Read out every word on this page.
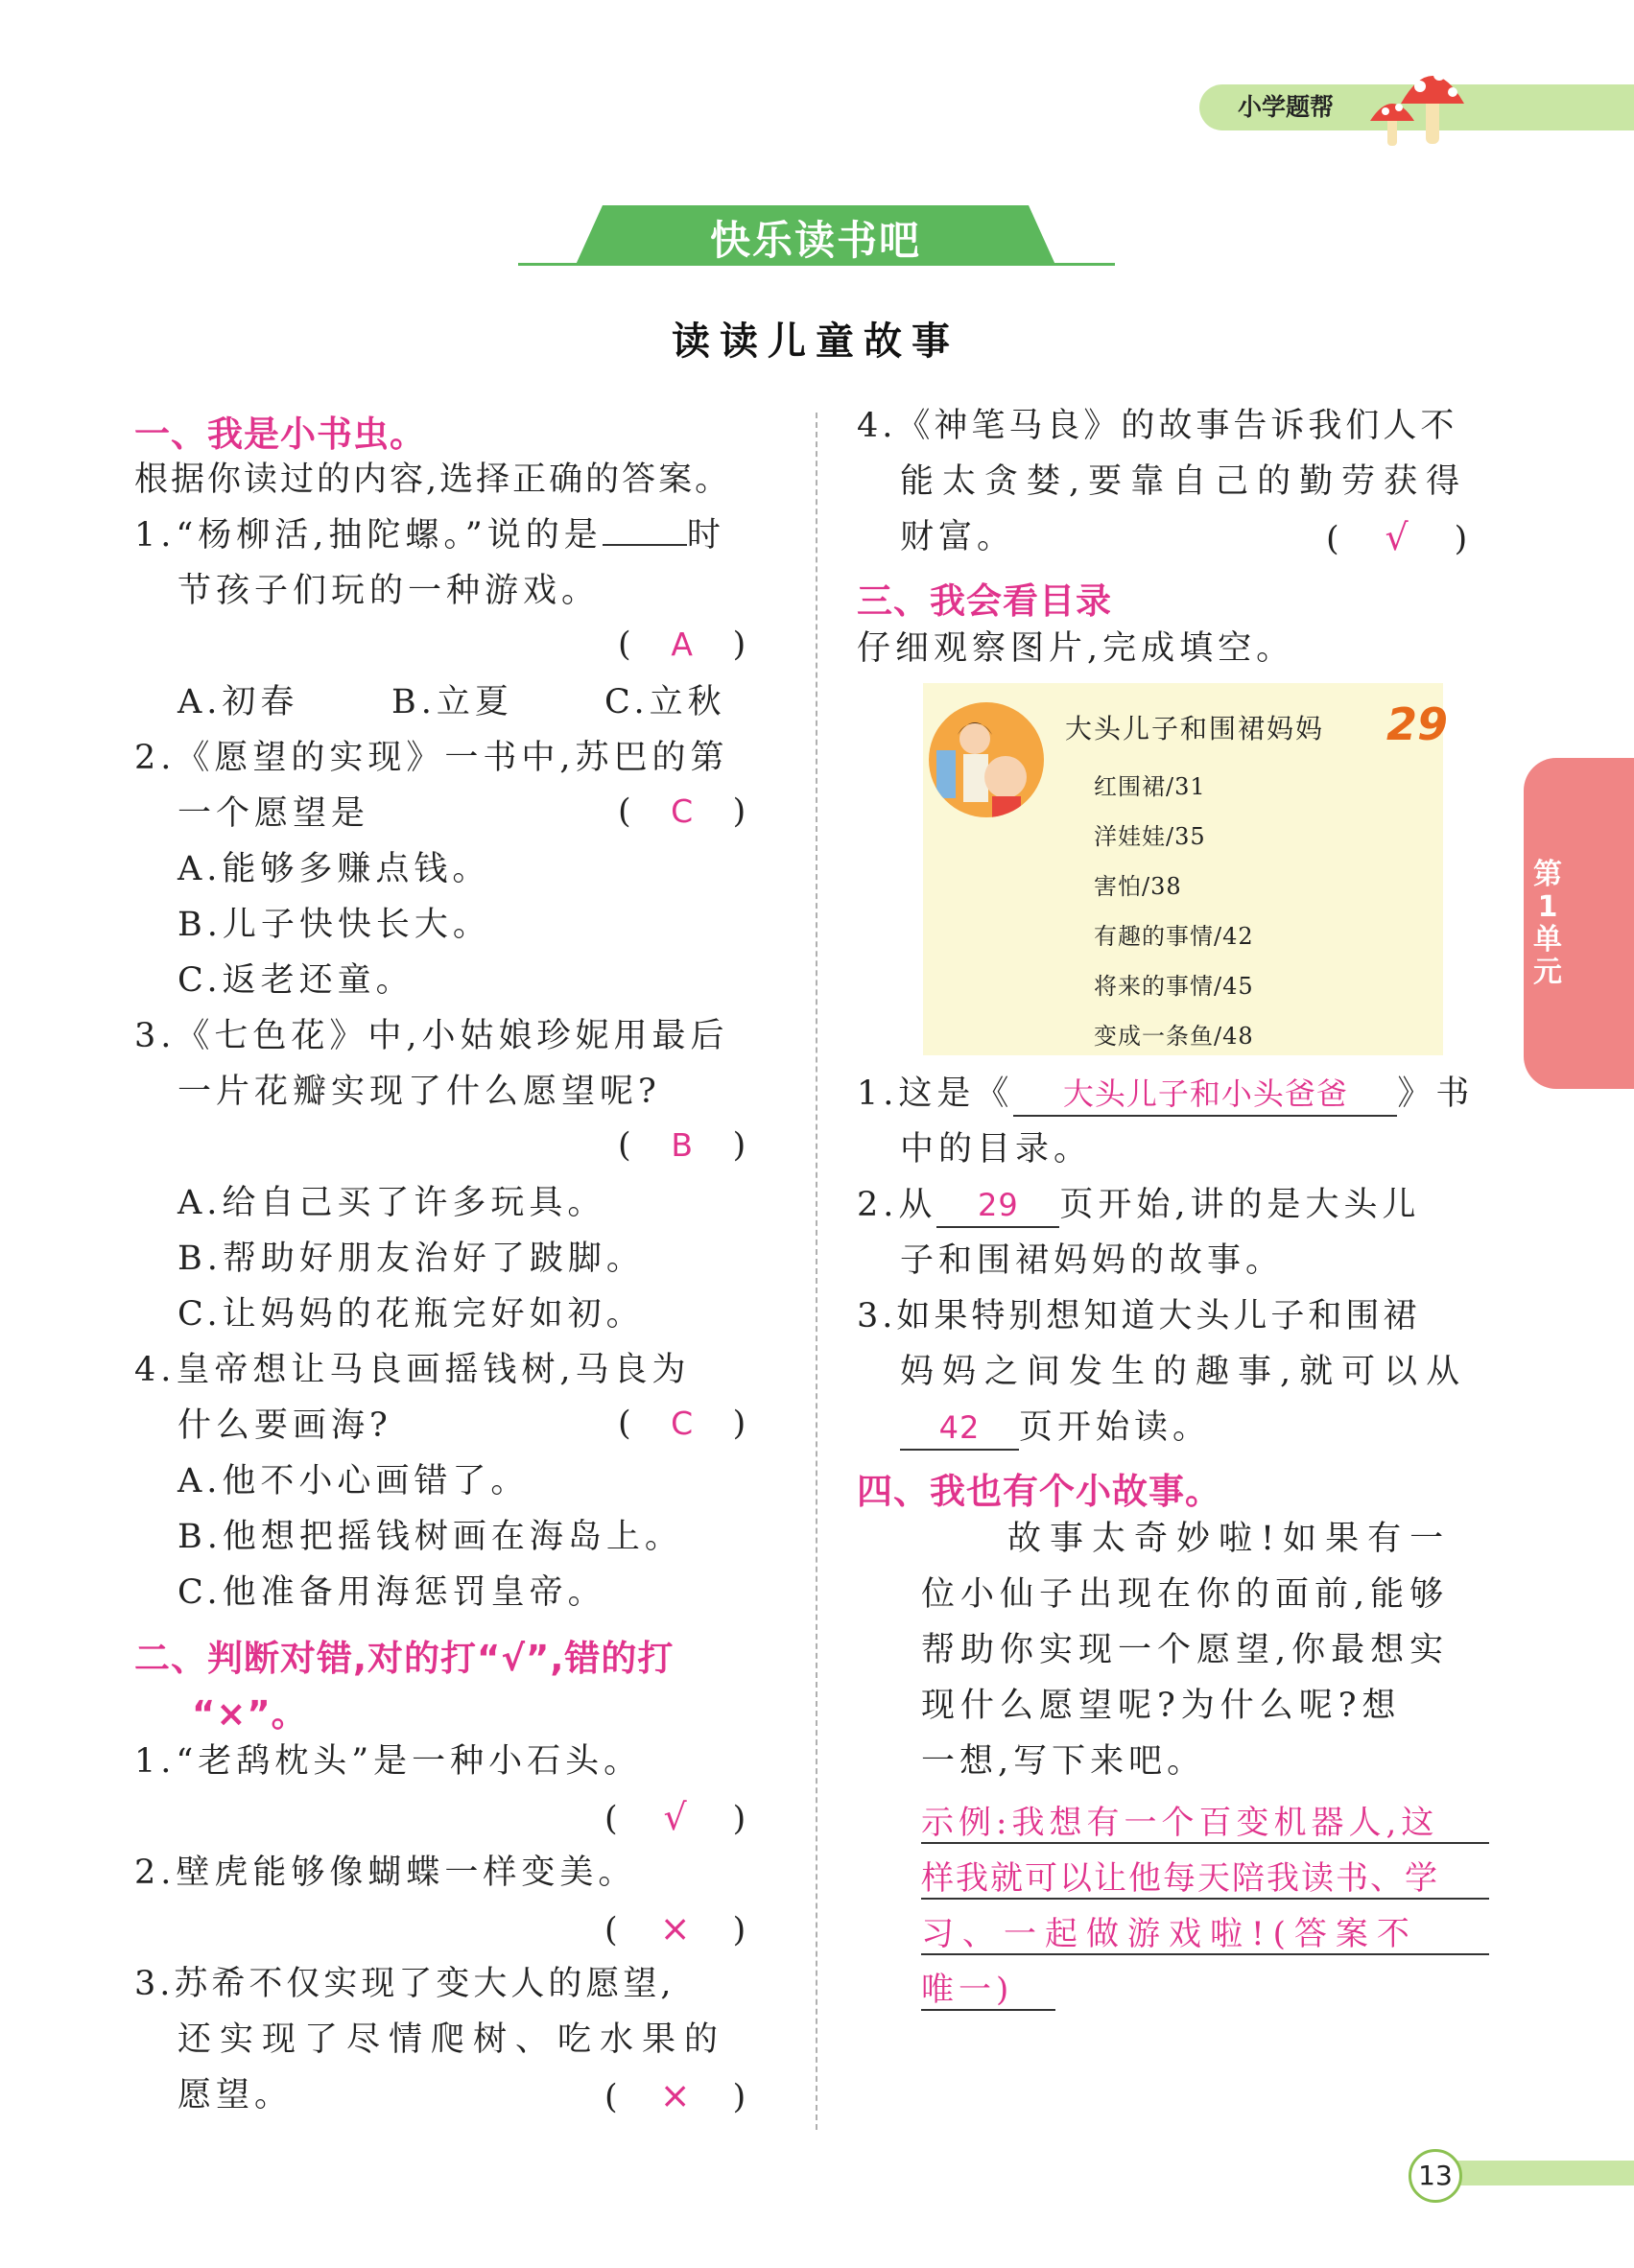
小学题帮
快乐读书吧
读读儿童故事
一、我是小书虫。
根据你读过的内容,选择正确的答案。
1.“杨柳活,抽陀螺。”说的是	时
节孩子们玩的一种游戏。
( A )
A.初春	B.立夏	C.立秋
2.《愿望的实现》一书中,苏巴的第
一个愿望是	( C )
A.能够多赚点钱。
B.儿子快快长大。
C.返老还童。
3.《七色花》中,小姑娘珍妮用最后
一片花瓣实现了什么愿望呢?
( B )
A.给自己买了许多玩具。
B.帮助好朋友治好了跛脚。
C.让妈妈的花瓶完好如初。
4.皇帝想让马良画摇钱树,马良为
什么要画海?	( C )
A.他不小心画错了。
B.他想把摇钱树画在海岛上。
C.他准备用海惩罚皇帝。
二、判断对错,对的打“√”,错的打
“×”。
1.“老鸹枕头”是一种小石头。
( √ )
2.壁虎能够像蝴蝶一样变美。
( × )
3.苏希不仅实现了变大人的愿望,
还实现了尽情爬树、吃水果的
愿望。	( × )
4.《神笔马良》的故事告诉我们人不
能太贪婪,要靠自己的勤劳获得
财富。	( √ )
三、我会看目录
仔细观察图片,完成填空。
大头儿子和围裙妈妈 29
红围裙/31
洋娃娃/35
害怕/38
有趣的事情/42
将来的事情/45
变成一条鱼/48
1.这是《 大头儿子和小头爸爸 》书
中的目录。
2.从 29 页开始,讲的是大头儿
子和围裙妈妈的故事。
3.如果特别想知道大头儿子和围裙
妈妈之间发生的趣事,就可以从
42 页开始读。
四、我也有个小故事。
故事太奇妙啦!如果有一
位小仙子出现在你的面前,能够
帮助你实现一个愿望,你最想实
现什么愿望呢?为什么呢?想
一想,写下来吧。
示例:我想有一个百变机器人,这
样我就可以让他每天陪我读书、学
习、一起做游戏啦!(答案不
唯一)
第1单元
13
